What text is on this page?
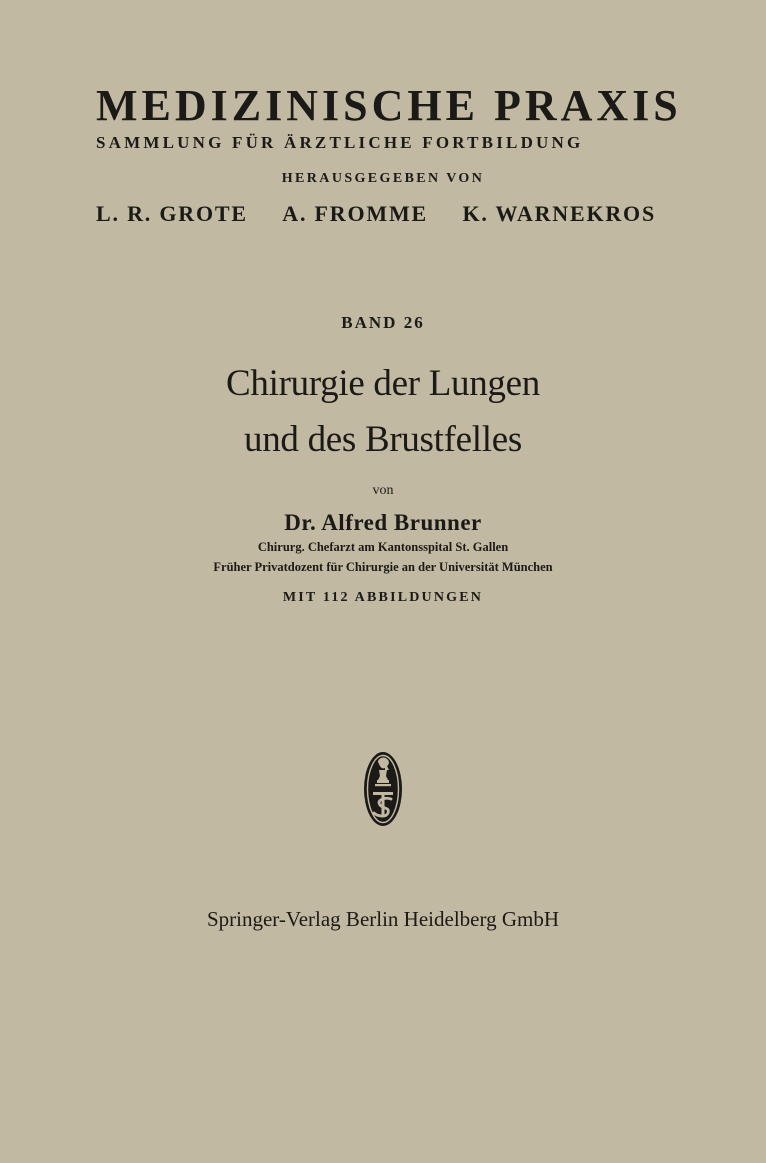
MEDIZINISCHE PRAXIS
SAMMLUNG FÜR ÄRZTLICHE FORTBILDUNG
HERAUSGEGEBEN VON
L. R. GROTE A. FROMME K. WARNEKROS
BAND 26
Chirurgie der Lungen
und des Brustfelles
von
Dr. Alfred Brunner
Chirurg. Chefarzt am Kantonsspital St. Gallen
Früher Privatdozent für Chirurgie an der Universität München
MIT 112 ABBILDUNGEN
Springer-Verlag Berlin Heidelberg GmbH
